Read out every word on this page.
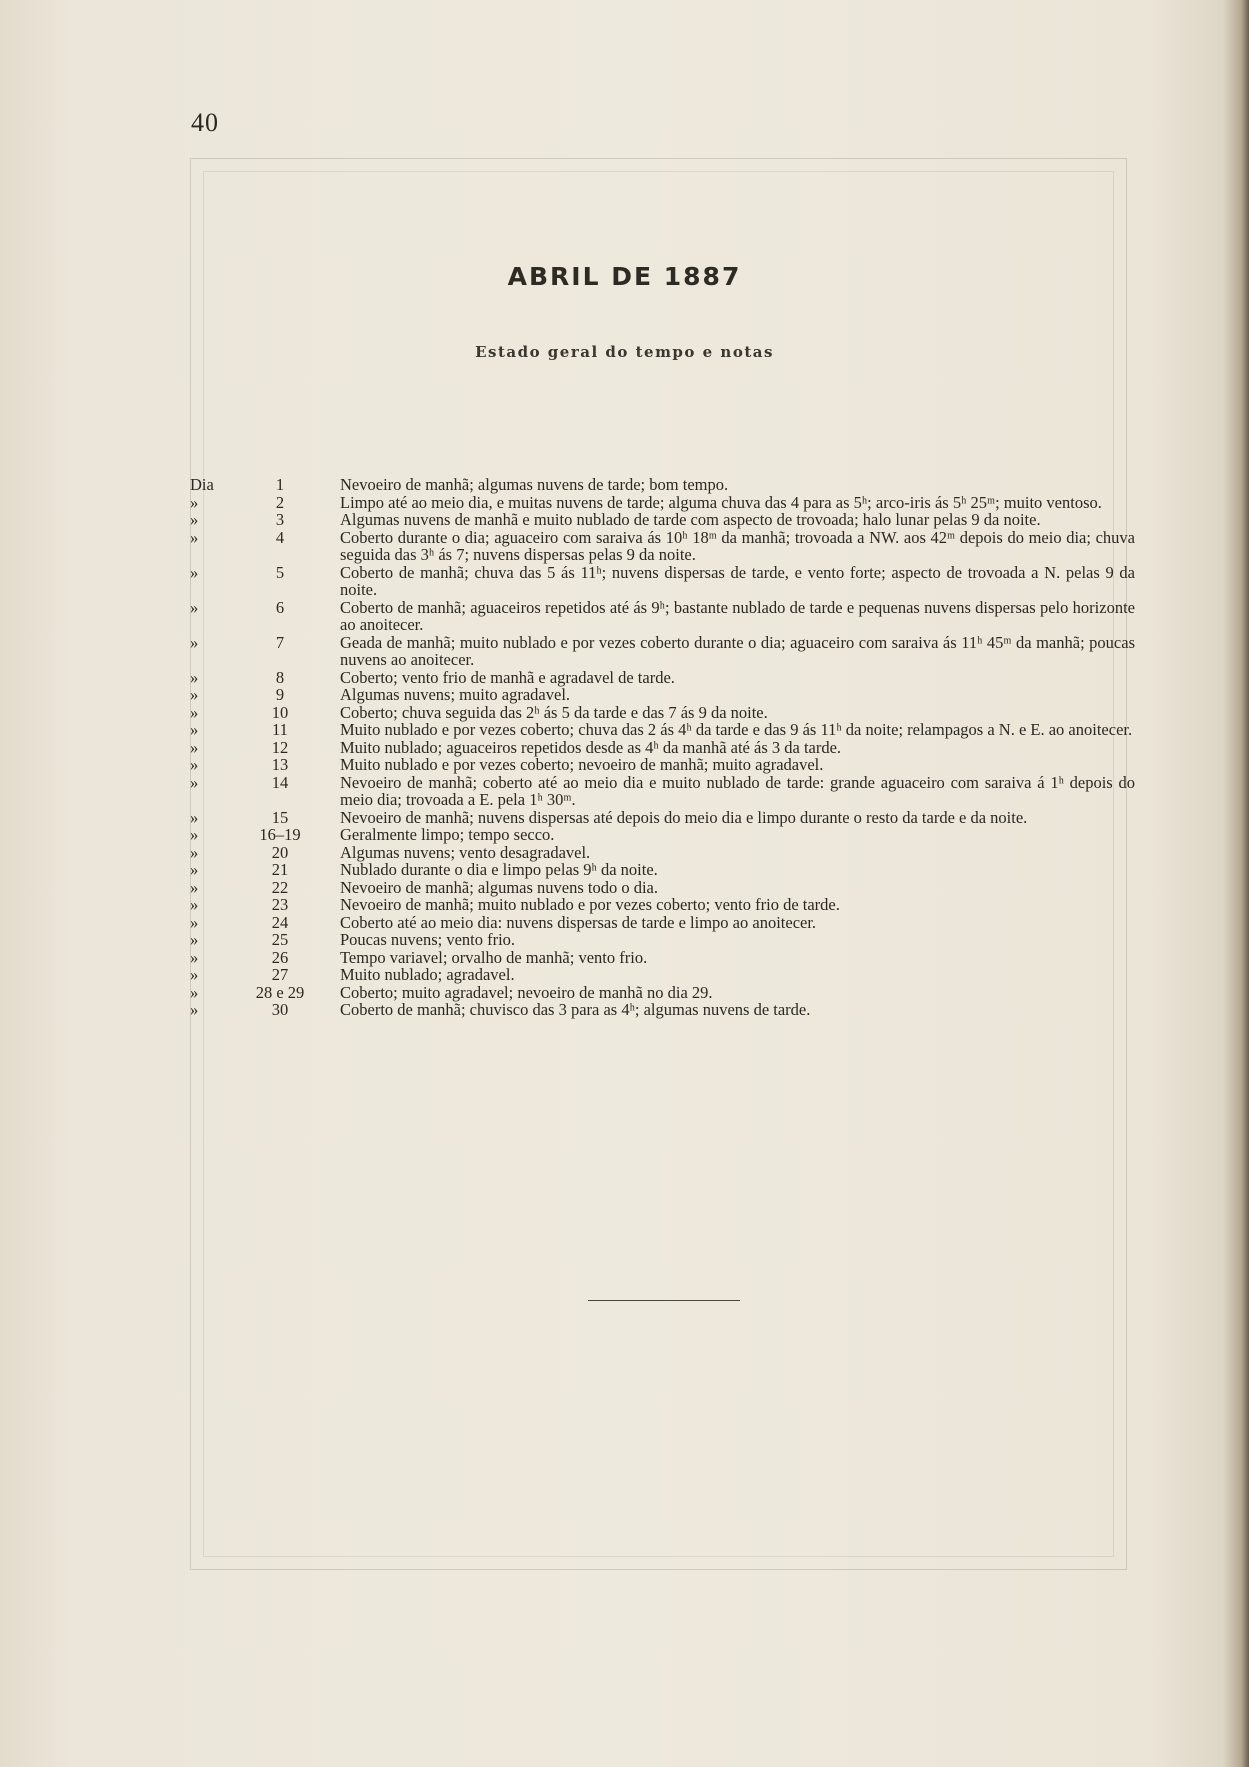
40
ABRIL DE 1887
Estado geral do tempo e notas
Dia	1	Nevoeiro de manhã; algumas nuvens de tarde; bom tempo.
»	2	Limpo até ao meio dia, e muitas nuvens de tarde; alguma chuva das 4 para as 5ʰ; arco-iris ás 5ʰ 25ᵐ; muito ventoso.
»	3	Algumas nuvens de manhã e muito nublado de tarde com aspecto de trovoada; halo lunar pelas 9 da noite.
»	4	Coberto durante o dia; aguaceiro com saraiva ás 10ʰ 18ᵐ da manhã; trovoada a NW. aos 42ᵐ depois do meio dia; chuva seguida das 3ʰ ás 7; nuvens dispersas pelas 9 da noite.
»	5	Coberto de manhã; chuva das 5 ás 11ʰ; nuvens dispersas de tarde, e vento forte; aspecto de trovoada a N. pelas 9 da noite.
»	6	Coberto de manhã; aguaceiros repetidos até ás 9ʰ; bastante nublado de tarde e pequenas nuvens dispersas pelo horizonte ao anoitecer.
»	7	Geada de manhã; muito nublado e por vezes coberto durante o dia; aguaceiro com saraiva ás 11ʰ 45ᵐ da manhã; poucas nuvens ao anoitecer.
»	8	Coberto; vento frio de manhã e agradavel de tarde.
»	9	Algumas nuvens; muito agradavel.
»	10	Coberto; chuva seguida das 2ʰ ás 5 da tarde e das 7 ás 9 da noite.
»	11	Muito nublado e por vezes coberto; chuva das 2 ás 4ʰ da tarde e das 9 ás 11ʰ da noite; relampagos a N. e E. ao anoitecer.
»	12	Muito nublado; aguaceiros repetidos desde as 4ʰ da manhã até ás 3 da tarde.
»	13	Muito nublado e por vezes coberto; nevoeiro de manhã; muito agradavel.
»	14	Nevoeiro de manhã; coberto até ao meio dia e muito nublado de tarde: grande aguaceiro com saraiva á 1ʰ depois do meio dia; trovoada a E. pela 1ʰ 30ᵐ.
»	15	Nevoeiro de manhã; nuvens dispersas até depois do meio dia e limpo durante o resto da tarde e da noite.
»	16–19	Geralmente limpo; tempo secco.
»	20	Algumas nuvens; vento desagradavel.
»	21	Nublado durante o dia e limpo pelas 9ʰ da noite.
»	22	Nevoeiro de manhã; algumas nuvens todo o dia.
»	23	Nevoeiro de manhã; muito nublado e por vezes coberto; vento frio de tarde.
»	24	Coberto até ao meio dia: nuvens dispersas de tarde e limpo ao anoitecer.
»	25	Poucas nuvens; vento frio.
»	26	Tempo variavel; orvalho de manhã; vento frio.
»	27	Muito nublado; agradavel.
»	28 e 29	Coberto; muito agradavel; nevoeiro de manhã no dia 29.
»	30	Coberto de manhã; chuvisco das 3 para as 4ʰ; algumas nuvens de tarde.
